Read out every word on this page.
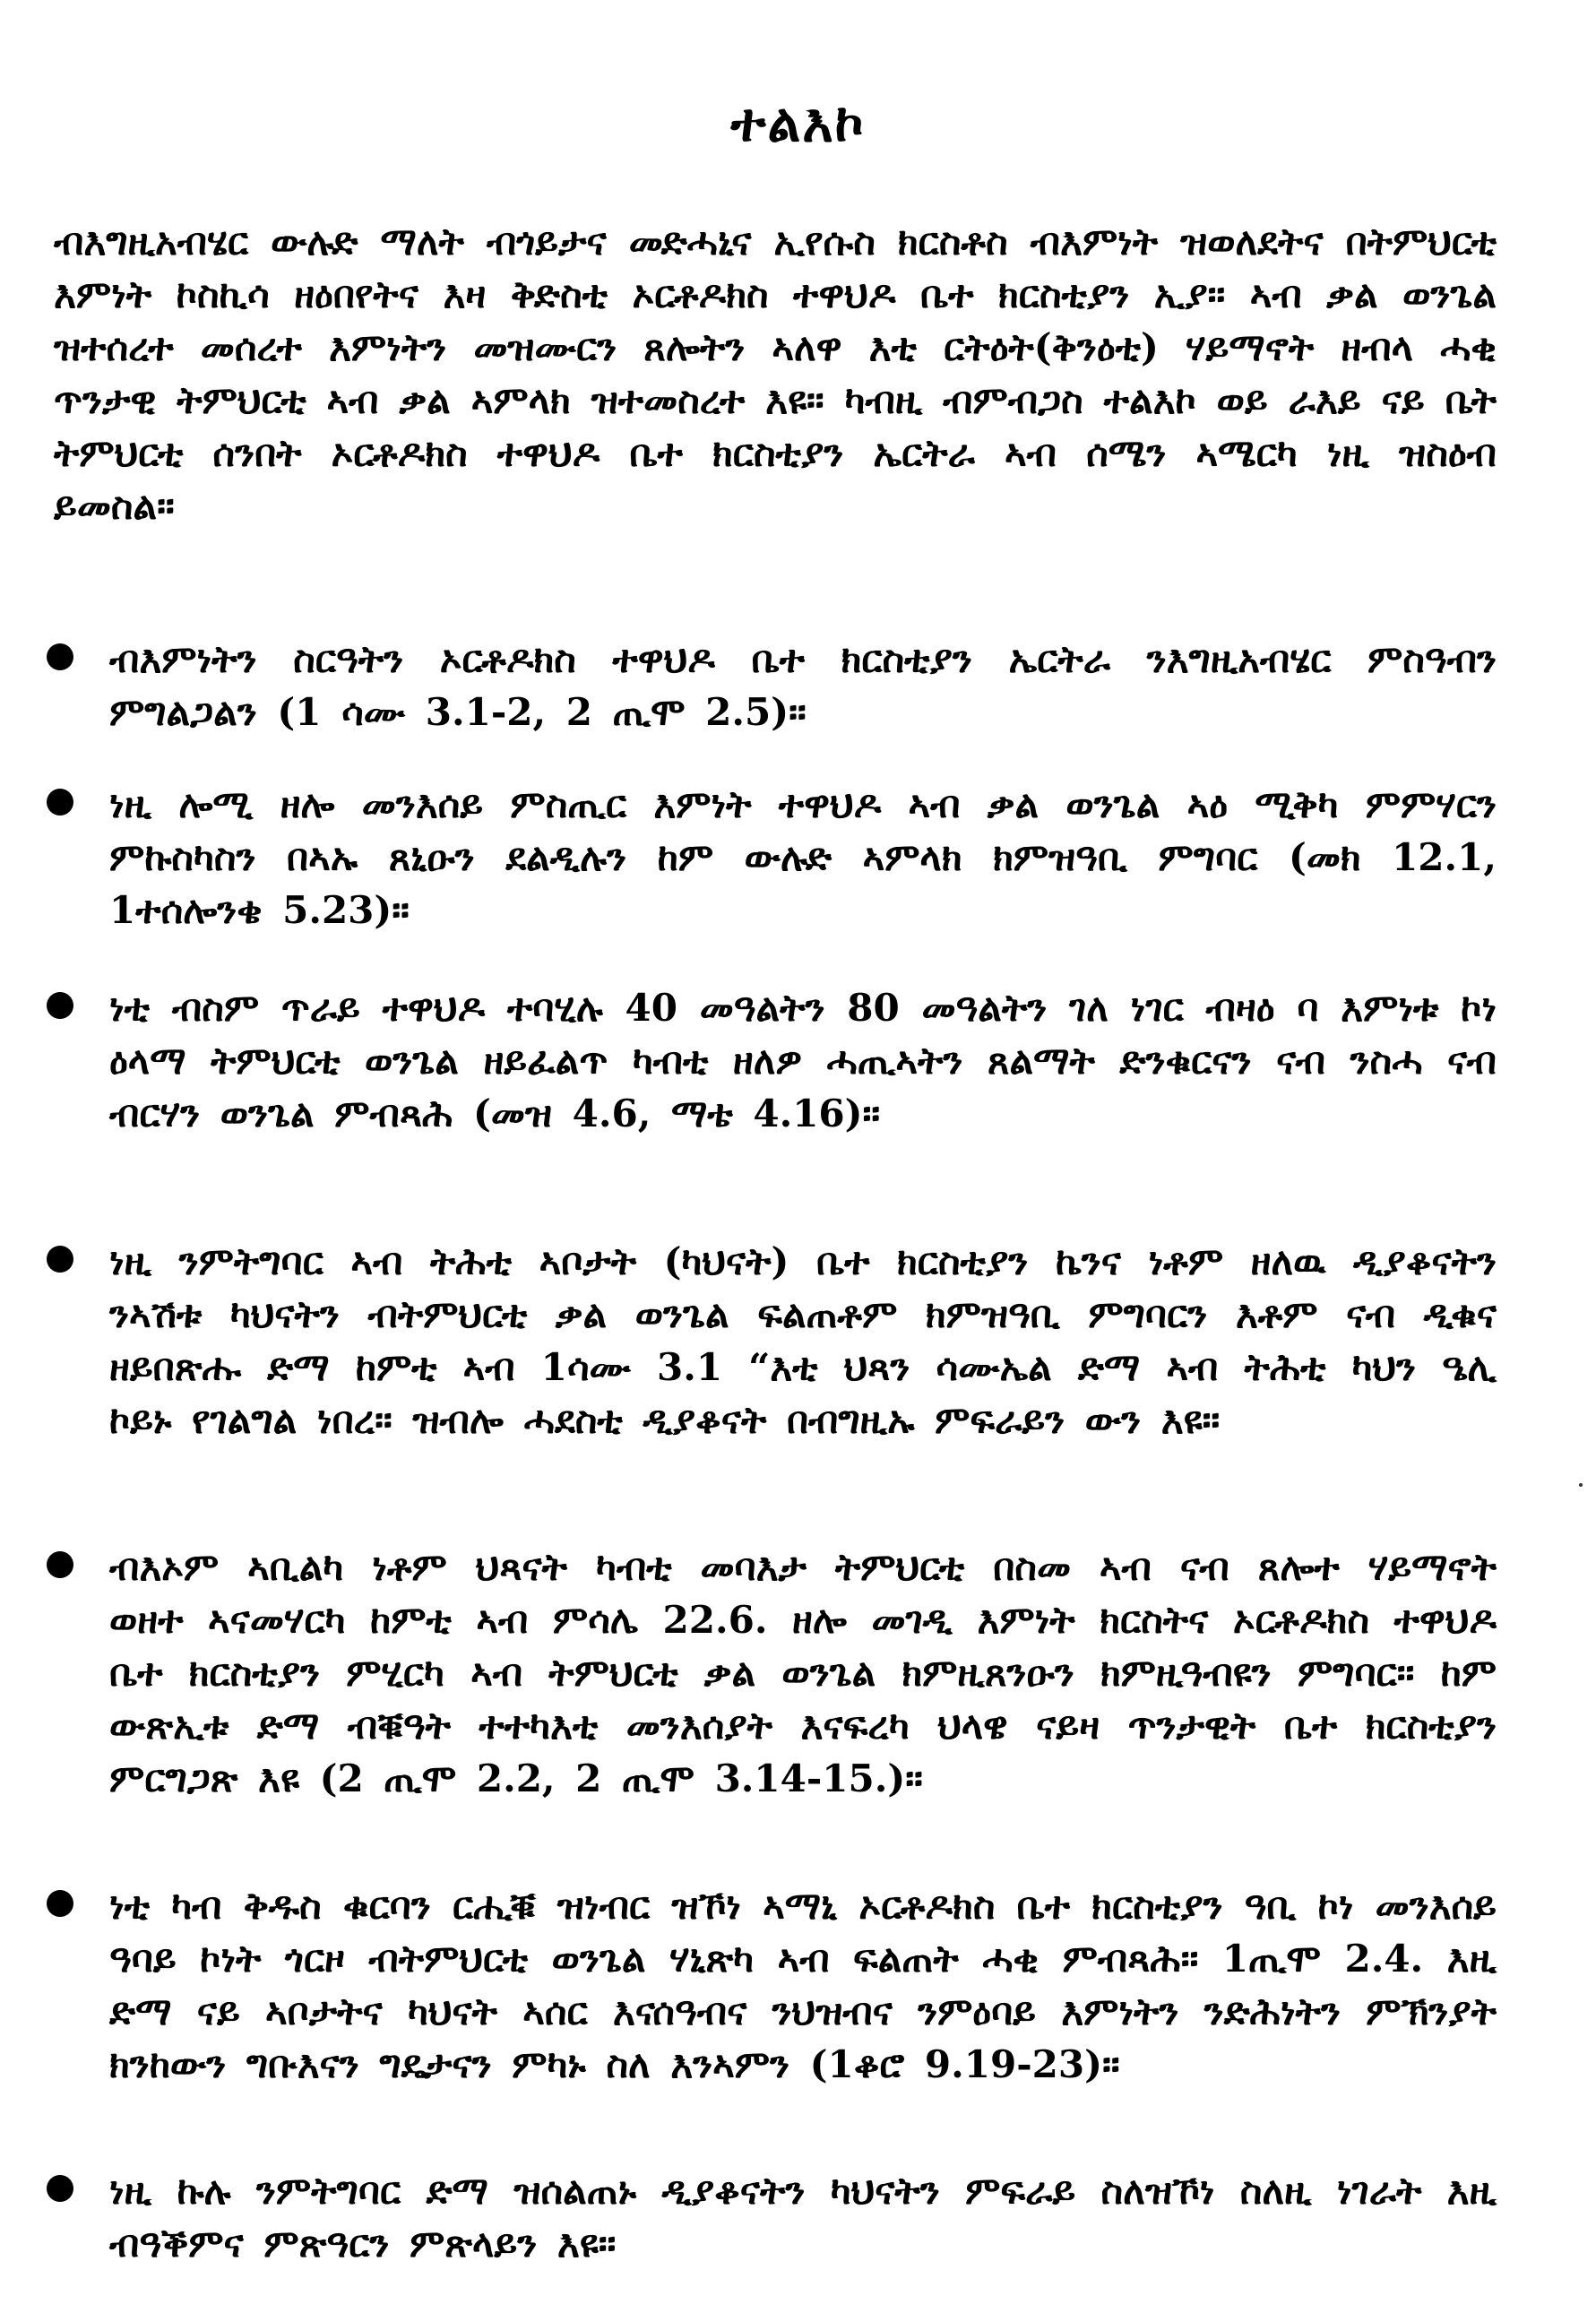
ተልእኮ

ብእግዚአብሄር ውሉድ ማለት ብጎይታና መድሓኒና ኢየሱስ ክርስቶስ ብእምነት ዝወለደትና በትምህርቲ እምነት ኮስኪሳ ዘዕበየትና እዛ ቅድስቲ ኦርቶዶክስ ተዋህዶ ቤተ ክርስቲያን ኢያ። ኣብ ቃል ወንጌል ዝተሰረተ መሰረተ እምነትን መዝሙርን ጸሎትን ኣለዋ እቲ ርትዕት(ቅንዕቲ) ሃይማኖት ዘብላ ሓቂ ጥንታዊ ትምህርቲ ኣብ ቃል ኣምላክ ዝተመስረተ እዩ። ካብዚ ብምብጋስ ተልእኮ ወይ ራእይ ናይ ቤት ትምህርቲ ሰንበት ኦርቶዶክስ ተዋህዶ ቤተ ክርስቲያን ኤርትራ ኣብ ሰሜን ኣሜርካ ነዚ ዝስዕብ ይመስል።

ብእምነትን ስርዓትን ኦርቶዶክስ ተዋህዶ ቤተ ክርስቲያን ኤርትራ ንእግዚአብሄር ምስዓብን ምግልጋልን (1 ሳሙ 3.1-2, 2 ጢሞ 2.5)።
ነዚ ሎሚ ዘሎ መንእሰይ ምስጢር እምነት ተዋህዶ ኣብ ቃል ወንጌል ኣዕ ሚቅካ ምምሃርን ምኩስካስን በኣኡ ጸኒዑን ደልዲሉን ከም ውሉድ ኣምላክ ክምዝዓቢ ምግባር (መክ 12.1, 1ተሰሎንቄ 5.23)።
ነቲ ብስም ጥራይ ተዋህዶ ተባሂሉ 40 መዓልትን 80 መዓልትን ገለ ነገር ብዛዕ ባ እምነቱ ኮነ ዕላማ ትምህርቲ ወንጌል ዘይፈልጥ ካብቲ ዘለዎ ሓጢኣትን ጸልማት ድንቁርናን ናብ ንስሓ ናብ ብርሃን ወንጌል ምብጻሕ (መዝ 4.6, ማቴ 4.16)።
ነዚ ንምትግባር ኣብ ትሕቲ ኣቦታት (ካህናት) ቤተ ክርስቲያን ኬንና ነቶም ዘለዉ ዲያቆናትን ንኣሽቱ ካህናትን ብትምህርቲ ቃል ወንጌል ፍልጠቶም ክምዝዓቢ ምግባርን እቶም ናብ ዲቁና ዘይበጽሑ ድማ ከምቲ ኣብ 1ሳሙ 3.1 “እቲ ህጻን ሳሙኤል ድማ ኣብ ትሕቲ ካህን ዔሊ ኮይኑ የገልግል ነበረ። ዝብሎ ሓደስቲ ዲያቆናት በብግዚኡ ምፍራይን ውን እዩ።
ብእኦም ኣቢልካ ነቶም ህጻናት ካብቲ መባእታ ትምህርቲ በስመ ኣብ ናብ ጸሎተ ሃይማኖት ወዘተ ኣናመሃርካ ከምቲ ኣብ ምሳሌ 22.6. ዘሎ መገዲ እምነት ክርስትና ኦርቶዶክስ ተዋህዶ ቤተ ክርስቲያን ምሂርካ ኣብ ትምህርቲ ቃል ወንጌል ክምዚጸንዑን ክምዚዓብዩን ምግባር። ከም ውጽኢቱ ድማ ብቑዓት ተተካእቲ መንእሰያት እናፍረካ ህላዌ ናይዛ ጥንታዊት ቤተ ክርስቲያን ምርግጋጽ እዩ (2 ጢሞ 2.2, 2 ጢሞ 3.14-15.)።
ነቲ ካብ ቅዱስ ቁርባን ርሒቑ ዝነብር ዝኾነ ኣማኒ ኦርቶዶክስ ቤተ ክርስቲያን ዓቢ ኮነ መንእሰይ ዓባይ ኮነት ጎርዞ ብትምህርቲ ወንጌል ሃኒጽካ ኣብ ፍልጠት ሓቂ ምብጻሕ። 1ጢሞ 2.4. እዚ ድማ ናይ ኣቦታትና ካህናት ኣሰር እናሰዓብና ንህዝብና ንምዕባይ እምነትን ንድሕነትን ምኽንያት ክንከውን ግቡእናን ግዴታናን ምካኑ ስለ እንኣምን (1ቆሮ 9.19-23)።
ነዚ ኩሉ ንምትግባር ድማ ዝሰልጠኑ ዲያቆናትን ካህናትን ምፍራይ ስለዝኾነ ስለዚ ነገራት እዚ ብዓቕምና ምጽዓርን ምጽላይን እዩ።
